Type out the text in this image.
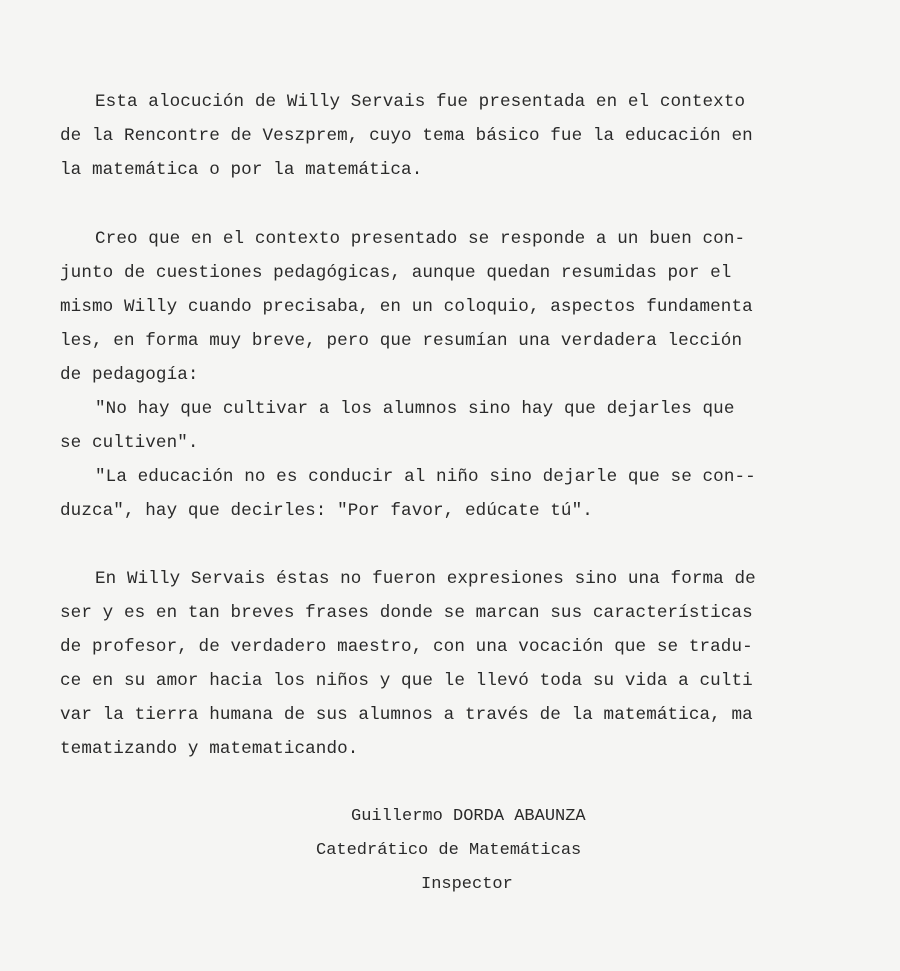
Esta alocución de Willy Servais fue presentada en el contexto
de la Rencontre de Veszprem, cuyo tema básico fue la educación en
la matemática o por la matemática.
Creo que en el contexto presentado se responde a un buen con-
junto de cuestiones pedagógicas, aunque quedan resumidas por el
mismo Willy cuando precisaba, en un coloquio, aspectos fundamenta
les, en forma muy breve, pero que resumían una verdadera lección
de pedagogía:
"No hay que cultivar a los alumnos sino hay que dejarles que
se cultiven".
"La educación no es conducir al niño sino dejarle que se con--
duzca", hay que decirles: "Por favor, edúcate tú".
En Willy Servais éstas no fueron expresiones sino una forma de
ser y es en tan breves frases donde se marcan sus características
de profesor, de verdadero maestro, con una vocación que se tradu-
ce en su amor hacia los niños y que le llevó toda su vida a culti
var la tierra humana de sus alumnos a través de la matemática, ma
tematizando y matematicando.
Guillermo DORDA ABAUNZA
Catedrático de Matemáticas
Inspector
